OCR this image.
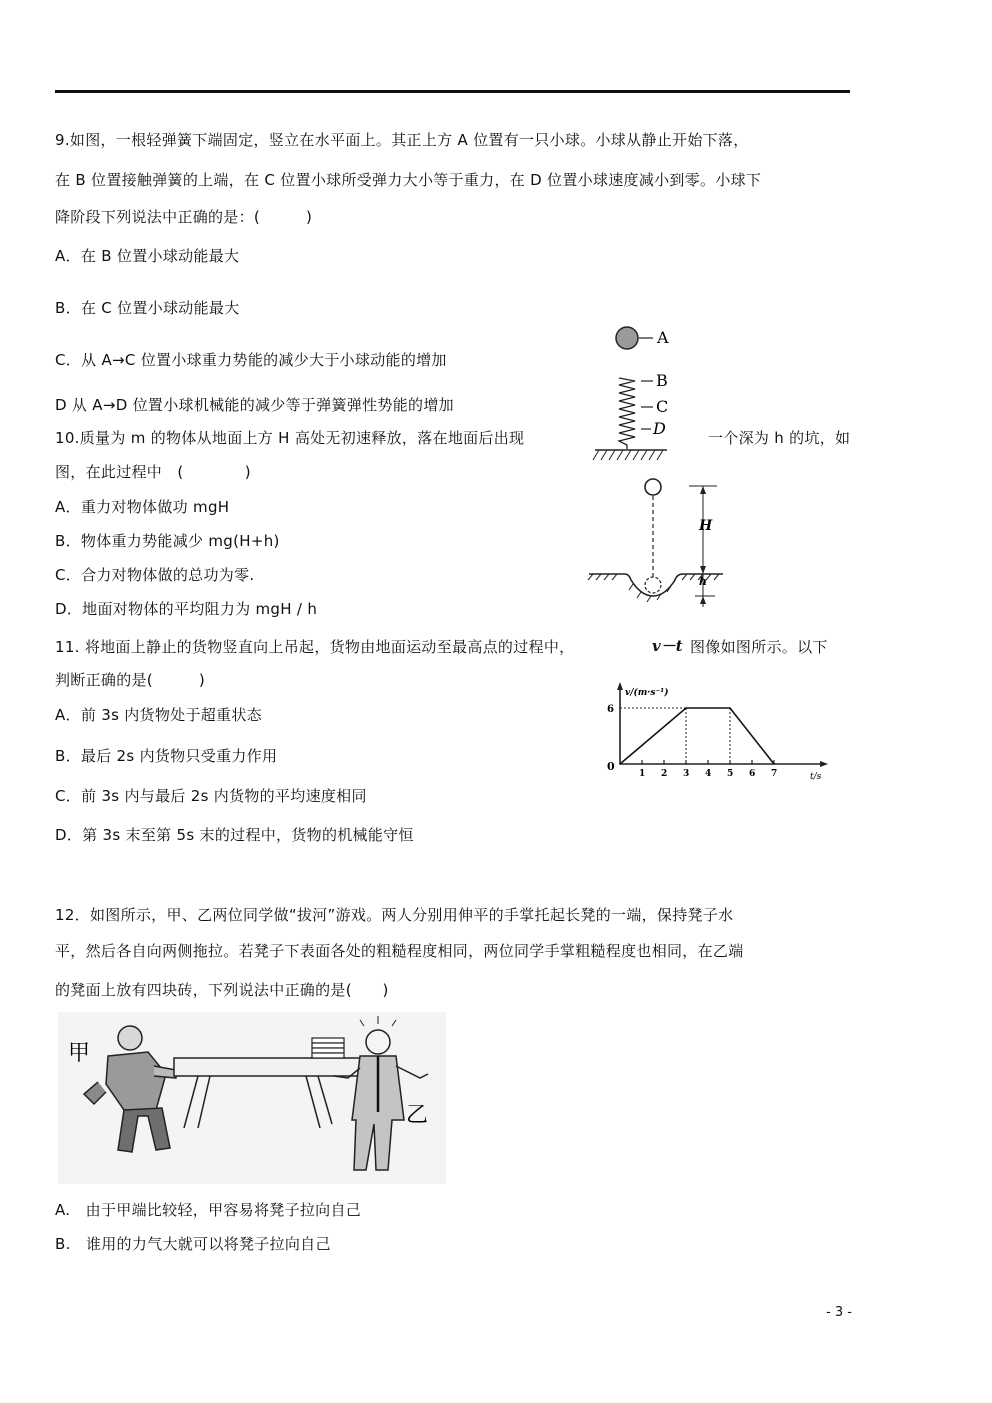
9.如图，一根轻弹簧下端固定，竖立在水平面上。其正上方 A 位置有一只小球。小球从静止开始下落，
在 B 位置接触弹簧的上端，在 C 位置小球所受弹力大小等于重力，在 D 位置小球速度减小到零。小球下
降阶段下列说法中正确的是：(　　　)
A．在 B 位置小球动能最大
B．在 C 位置小球动能最大
C．从 A→C 位置小球重力势能的减少大于小球动能的增加
D 从 A→D 位置小球机械能的减少等于弹簧弹性势能的增加
A
B
C
D
10.质量为 m 的物体从地面上方 H 高处无初速释放，落在地面后出现	一个深为 h 的坑，如
图，在此过程中　(　　　　)
A．重力对物体做功 mgH
B．物体重力势能减少 mg(H+h)
C．合力对物体做的总功为零.
D．地面对物体的平均阻力为 mgH / h
H
h
11. 将地面上静止的货物竖直向上吊起，货物由地面运动至最高点的过程中，	v－t 图像如图所示。以下
判断正确的是(　　　)
A．前 3s 内货物处于超重状态
B．最后 2s 内货物只受重力作用
C．前 3s 内与最后 2s 内货物的平均速度相同
D．第 3s 末至第 5s 末的过程中，货物的机械能守恒
v/(m·s⁻¹)
t/s
0
1 2 3 4 5 6 7
6
12．如图所示，甲、乙两位同学做“拔河”游戏。两人分别用伸平的手掌托起长凳的一端，保持凳子水
平，然后各自向两侧拖拉。若凳子下表面各处的粗糙程度相同，两位同学手掌粗糙程度也相同，在乙端
的凳面上放有四块砖，下列说法中正确的是(　　)
甲
乙
A.　由于甲端比较轻，甲容易将凳子拉向自己
B.　谁用的力气大就可以将凳子拉向自己
- 3 -
